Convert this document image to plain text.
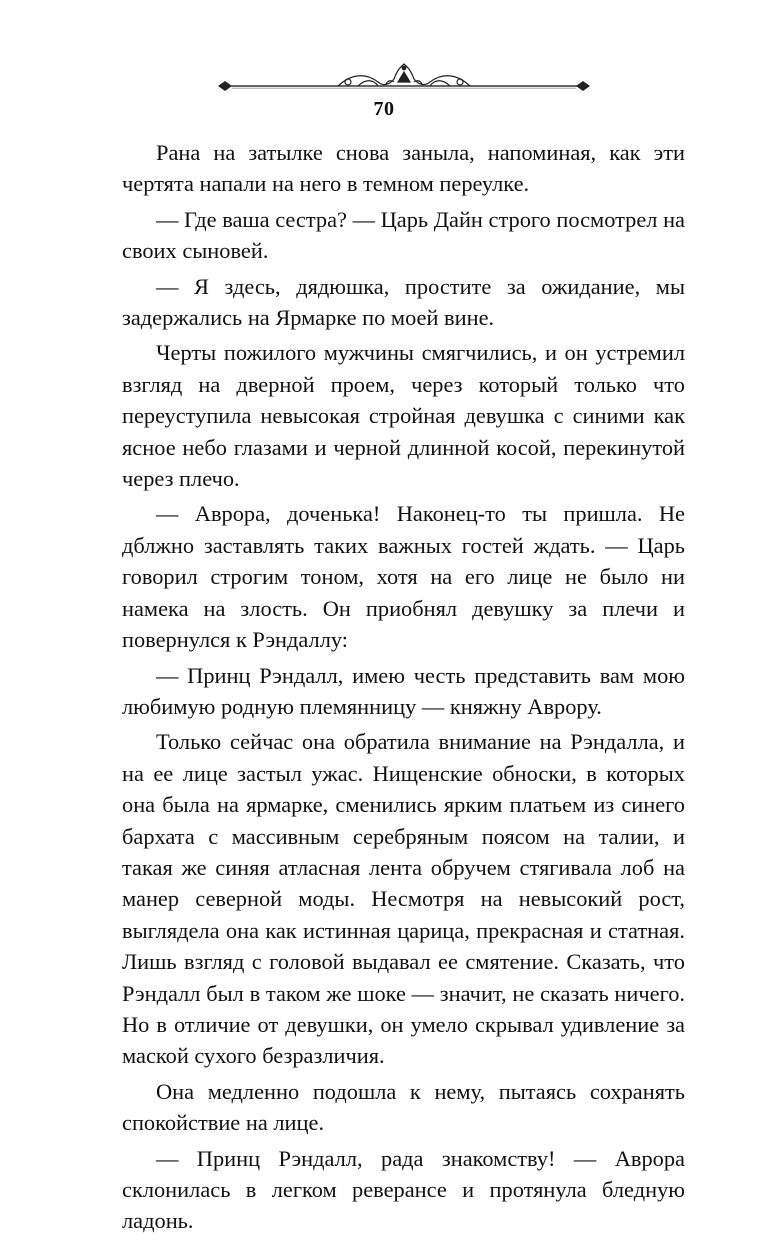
70

Рана на затылке снова заныла, напоминая, как эти чертята напали на него в темном переулке.

— Где ваша сестра? — Царь Дайн строго посмотрел на своих сыновей.

— Я здесь, дядюшка, простите за ожидание, мы задержались на Ярмарке по моей вине.

Черты пожилого мужчины смягчились, и он устремил взгляд на дверной проем, через который только что переуступила невысокая стройная девушка с синими как ясное небо глазами и черной длинной косой, перекинутой через плечо.

— Аврора, доченька! Наконец-то ты пришла. Не дблжно заставлять таких важных гостей ждать. — Царь говорил строгим тоном, хотя на его лице не было ни намека на злость. Он приобнял девушку за плечи и повернулся к Рэндаллу:

— Принц Рэндалл, имею честь представить вам мою любимую родную племянницу — княжну Аврору.

Только сейчас она обратила внимание на Рэндалла, и на ее лице застыл ужас. Нищенские обноски, в которых она была на ярмарке, сменились ярким платьем из синего бархата с массивным серебряным поясом на талии, и такая же синяя атласная лента обручем стягивала лоб на манер северной моды. Несмотря на невысокий рост, выглядела она как истинная царица, прекрасная и статная. Лишь взгляд с головой выдавал ее смятение. Сказать, что Рэндалл был в таком же шоке — значит, не сказать ничего. Но в отличие от девушки, он умело скрывал удивление за маской сухого безразличия.

Она медленно подошла к нему, пытаясь сохранять спокойствие на лице.

— Принц Рэндалл, рада знакомству! — Аврора склонилась в легком реверансе и протянула бледную ладонь.
